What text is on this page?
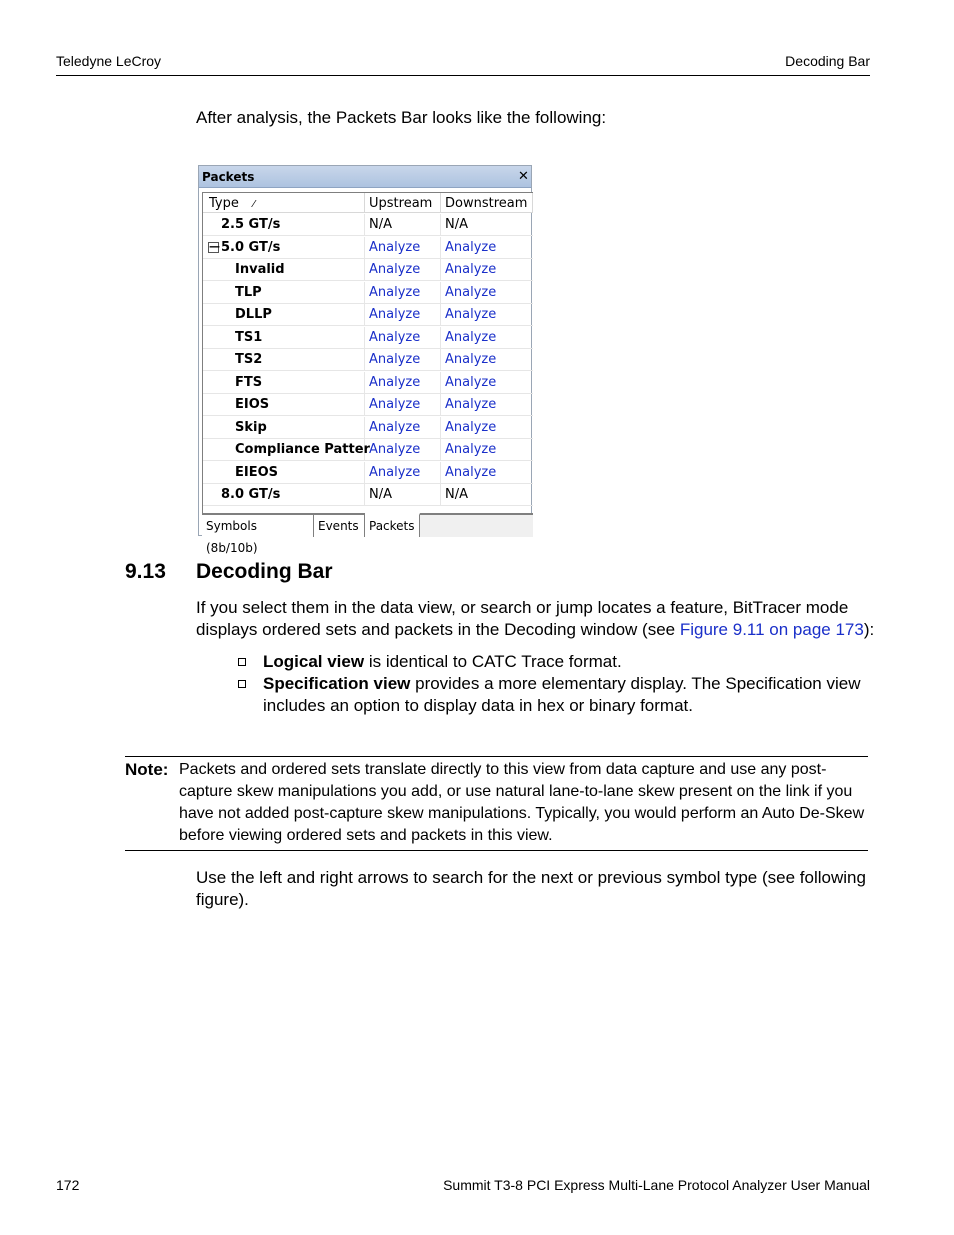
Teledyne LeCroy	Decoding Bar
After analysis, the Packets Bar looks like the following:
Packets	✕
Type ⁄	Upstream Downstream
2.5 GT/s	N/A	N/A
— 5.0 GT/s	Analyze	Analyze
Invalid	Analyze	Analyze
TLP	Analyze	Analyze
DLLP	Analyze	Analyze
TS1	Analyze	Analyze
TS2	Analyze	Analyze
FTS	Analyze	Analyze
EIOS	Analyze	Analyze
Skip	Analyze	Analyze
Compliance Patter Analyze	Analyze
EIEOS	Analyze	Analyze
8.0 GT/s	N/A	N/A
Symbols (8b/10b)
Events Packets
9.13 Decoding Bar
If you select them in the data view, or search or jump locates a feature, BitTracer mode displays ordered sets and packets in the Decoding window (see Figure 9.11 on page 173):
Logical view is identical to CATC Trace format.
Specification view provides a more elementary display. The Specification view includes an option to display data in hex or binary format.
Note: Packets and ordered sets translate directly to this view from data capture and use any post-capture skew manipulations you add, or use natural lane-to-lane skew present on the link if you have not added post-capture skew manipulations. Typically, you would perform an Auto De-Skew before viewing ordered sets and packets in this view.
Use the left and right arrows to search for the next or previous symbol type (see following figure).
172	Summit T3-8 PCI Express Multi-Lane Protocol Analyzer User Manual
